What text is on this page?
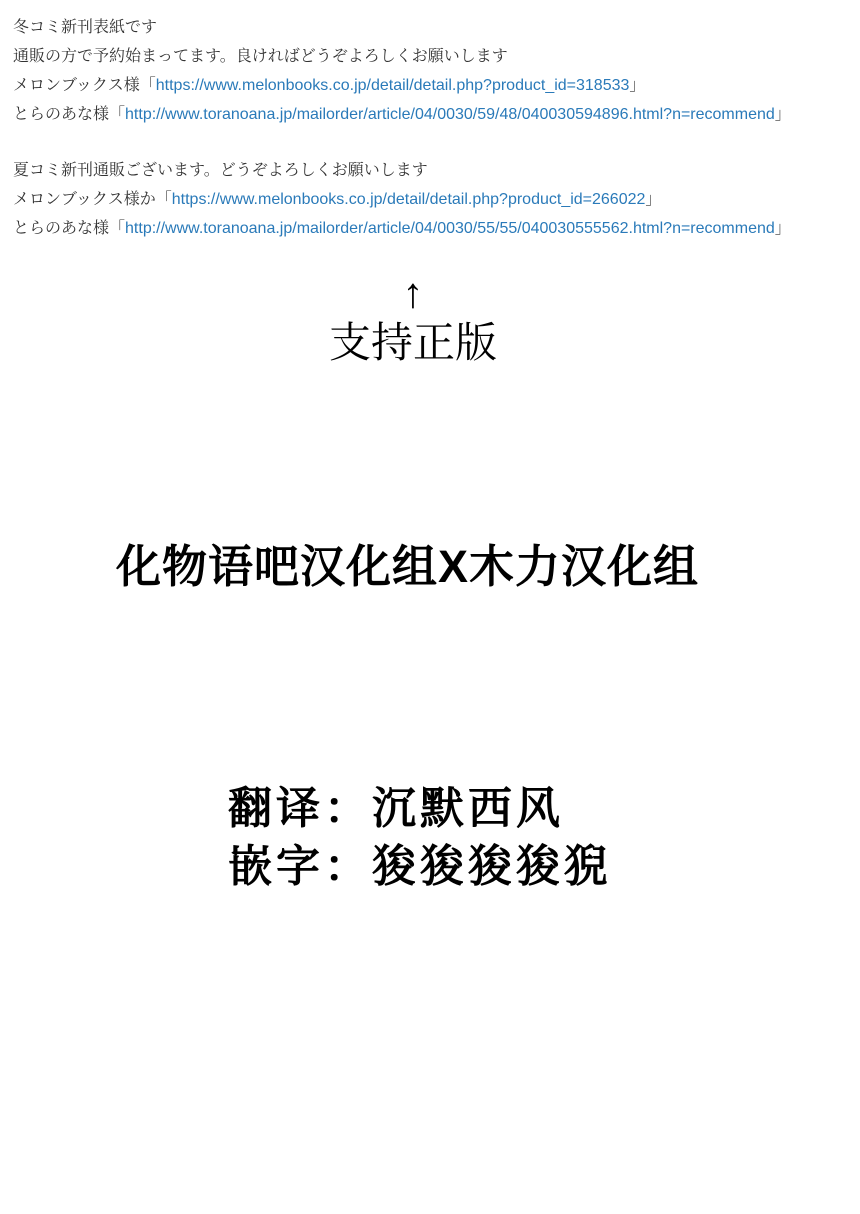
冬コミ新刊表紙です

通販の方で予約始まってます。良ければどうぞよろしくお願いします

メロンブックス様「https://www.melonbooks.co.jp/detail/detail.php?product_id=318533」

とらのあな様「http://www.toranoana.jp/mailorder/article/04/0030/59/48/040030594896.html?n=recommend」

夏コミ新刊通販ございます。どうぞよろしくお願いします

メロンブックス様か「https://www.melonbooks.co.jp/detail/detail.php?product_id=266022」

とらのあな様「http://www.toranoana.jp/mailorder/article/04/0030/55/55/040030555562.html?n=recommend」

↑
支持正版
化物语吧汉化组X木力汉化组
翻译：沉默西风
嵌字：狻狻狻狻猊
